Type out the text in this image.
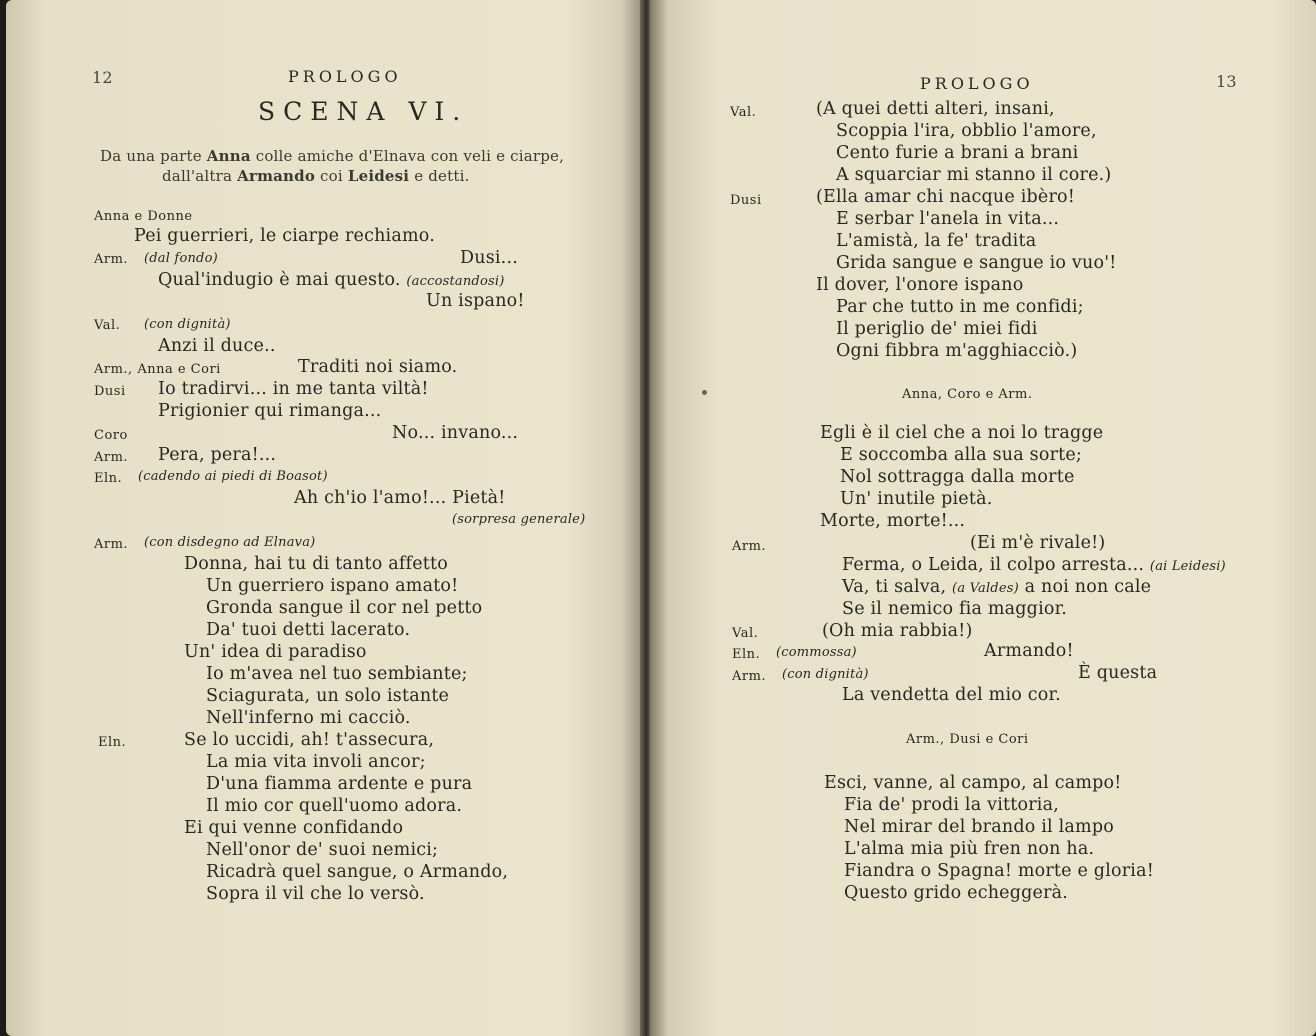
12	PROLOGO
SCENA VI.
Da una parte Anna colle amiche d'Elnava con veli e ciarpe,
dall'altra Armando coi Leidesi e detti.
Anna e Donne
Pei guerrieri, le ciarpe rechiamo.
Arm. (dal fondo)	Dusi...
Qual'indugio è mai questo. (accostandosi)
Un ispano!
Val. (con dignità)
Anzi il duce..
Arm., Anna e Cori	Traditi noi siamo.
Dusi Io tradirvi... in me tanta viltà!
Prigionier qui rimanga...
Coro	No... invano...
Arm. Pera, pera!...
Eln. (cadendo ai piedi di Boasot)
Ah ch'io l'amo!... Pietà!
(sorpresa generale)
Arm. (con disdegno ad Elnava)
Donna, hai tu di tanto affetto
Un guerriero ispano amato!
Gronda sangue il cor nel petto
Da' tuoi detti lacerato.
Un' idea di paradiso
Io m'avea nel tuo sembiante;
Sciagurata, un solo istante
Nell'inferno mi cacciò.
Eln.	Se lo uccidi, ah! t'assecura,
La mia vita involi ancor;
D'una fiamma ardente e pura
Il mio cor quell'uomo adora.
Ei qui venne confidando
Nell'onor de' suoi nemici;
Ricadrà quel sangue, o Armando,
Sopra il vil che lo versò.
PROLOGO	13
Val.	(A quei detti alteri, insani,
Scoppia l'ira, obblio l'amore,
Cento furie a brani a brani
A squarciar mi stanno il core.)
Dusi	(Ella amar chi nacque ibèro!
E serbar l'anela in vita...
L'amistà, la fe' tradita
Grida sangue e sangue io vuo'!
Il dover, l'onore ispano
Par che tutto in me confidi;
Il periglio de' miei fidi
Ogni fibbra m'agghiacciò.)
Anna, Coro e Arm.
Egli è il ciel che a noi lo tragge
E soccomba alla sua sorte;
Nol sottragga dalla morte
Un' inutile pietà.
Morte, morte!...
Arm.	(Ei m'è rivale!)
Ferma, o Leida, il colpo arresta... (ai Leidesi)
Va, ti salva, (a Valdes) a noi non cale
Se il nemico fia maggior.
Val.	(Oh mia rabbia!)
Eln. (commossa)	Armando!
Arm. (con dignità)	È questa
La vendetta del mio cor.
Arm., Dusi e Cori
Esci, vanne, al campo, al campo!
Fia de' prodi la vittoria,
Nel mirar del brando il lampo
L'alma mia più fren non ha.
Fiandra o Spagna! morte e gloria!
Questo grido echeggerà.
